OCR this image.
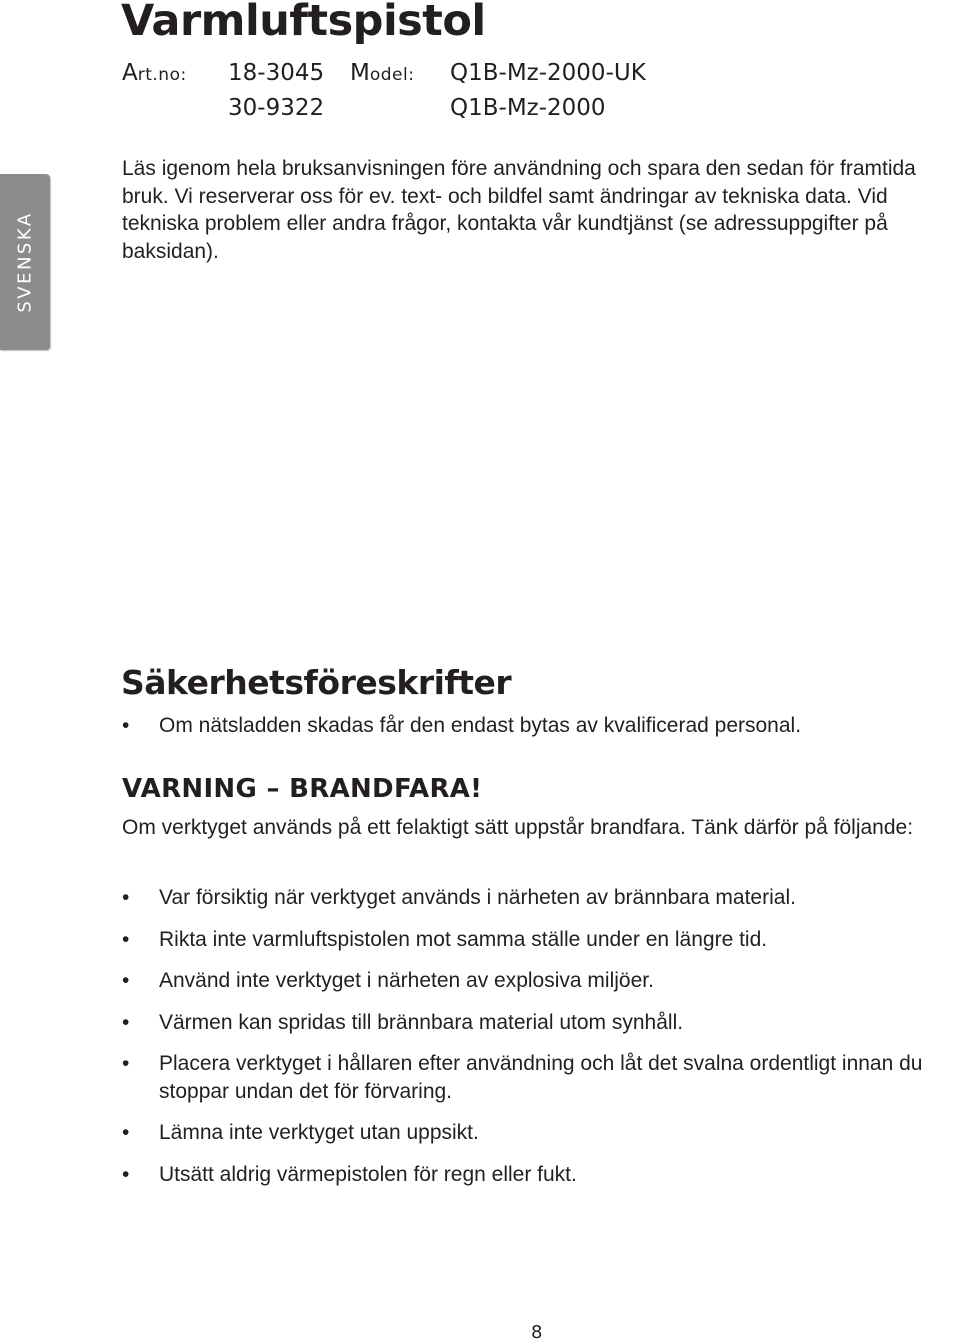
SVENSKA
Varmluftspistol
Art.no: 18-3045
30-9322
Model: Q1B-Mz-2000-UK
Q1B-Mz-2000

Läs igenom hela bruksanvisningen före användning och spara den sedan för framtida bruk. Vi reserverar oss för ev. text- och bildfel samt ändringar av tekniska data. Vid tekniska problem eller andra frågor, kontakta vår kundtjänst (se adressuppgifter på baksidan).

Säkerhetsföreskrifter
• Om nätsladden skadas får den endast bytas av kvalificerad personal.
VARNING – BRANDFARA!

Om verktyget används på ett felaktigt sätt uppstår brandfara. Tänk därför på följande:

• Var försiktig när verktyget används i närheten av brännbara material.
• Rikta inte varmluftspistolen mot samma ställe under en längre tid.
• Använd inte verktyget i närheten av explosiva miljöer.
• Värmen kan spridas till brännbara material utom synhåll.
• Placera verktyget i hållaren efter användning och låt det svalna ordentligt innan du stoppar undan det för förvaring.
• Lämna inte verktyget utan uppsikt.
• Utsätt aldrig värmepistolen för regn eller fukt.
8
